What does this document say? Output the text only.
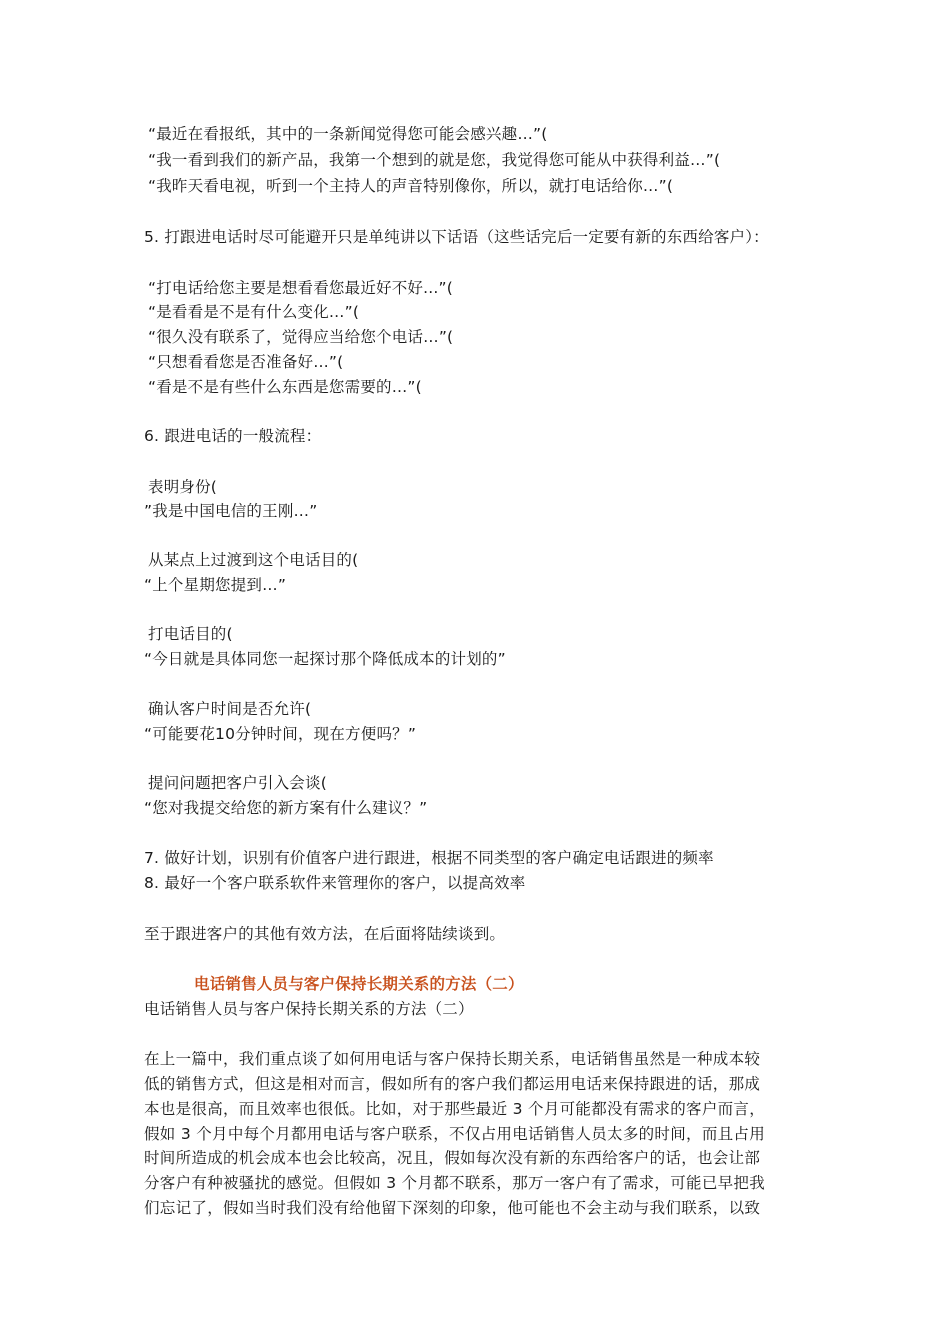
“最近在看报纸，其中的一条新闻觉得您可能会感兴趣…”(
“我一看到我们的新产品，我第一个想到的就是您，我觉得您可能从中获得利益…”(
“我昨天看电视，听到一个主持人的声音特别像你，所以，就打电话给你…”(
5. 打跟进电话时尽可能避开只是单纯讲以下话语（这些话完后一定要有新的东西给客户）：
“打电话给您主要是想看看您最近好不好...”(
“是看看是不是有什么变化…”(
“很久没有联系了，觉得应当给您个电话…”(
“只想看看您是否准备好…”(
“看是不是有些什么东西是您需要的…”(
6. 跟进电话的一般流程：
表明身份(
”我是中国电信的王刚…”
从某点上过渡到这个电话目的(
“上个星期您提到…”
打电话目的(
“今日就是具体同您一起探讨那个降低成本的计划的”
确认客户时间是否允许(
“可能要花10分钟时间，现在方便吗？”
提问问题把客户引入会谈(
“您对我提交给您的新方案有什么建议？”
7. 做好计划，识别有价值客户进行跟进，根据不同类型的客户确定电话跟进的频率
8. 最好一个客户联系软件来管理你的客户，以提高效率
至于跟进客户的其他有效方法，在后面将陆续谈到。
电话销售人员与客户保持长期关系的方法（二）
电话销售人员与客户保持长期关系的方法（二）
在上一篇中，我们重点谈了如何用电话与客户保持长期关系，电话销售虽然是一种成本较
低的销售方式，但这是相对而言，假如所有的客户我们都运用电话来保持跟进的话，那成
本也是很高，而且效率也很低。比如，对于那些最近 3 个月可能都没有需求的客户而言，
假如 3 个月中每个月都用电话与客户联系，不仅占用电话销售人员太多的时间，而且占用
时间所造成的机会成本也会比较高，况且，假如每次没有新的东西给客户的话，也会让部
分客户有种被骚扰的感觉。但假如 3 个月都不联系，那万一客户有了需求，可能已早把我
们忘记了，假如当时我们没有给他留下深刻的印象，他可能也不会主动与我们联系，以致
